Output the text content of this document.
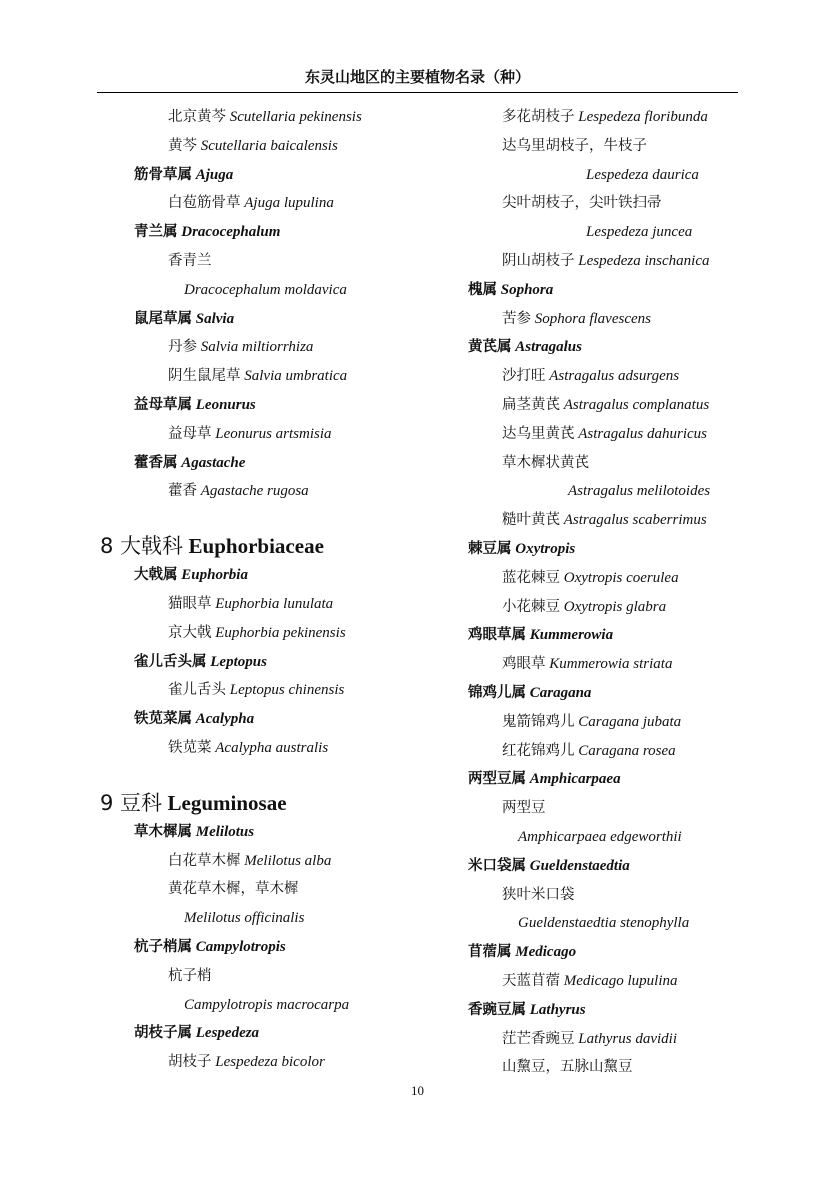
东灵山地区的主要植物名录（种）
北京黄芩 Scutellaria pekinensis
黄芩 Scutellaria baicalensis
筋骨草属 Ajuga
白苞筋骨草 Ajuga lupulina
青兰属 Dracocephalum
香青兰
Dracocephalum moldavica
鼠尾草属 Salvia
丹参 Salvia miltiorrhiza
阴生鼠尾草 Salvia umbratica
益母草属 Leonurus
益母草 Leonurus artsmisia
藿香属 Agastache
藿香 Agastache rugosa
8 大戟科 Euphorbiaceae
大戟属 Euphorbia
猫眼草 Euphorbia lunulata
京大戟 Euphorbia pekinensis
雀儿舌头属 Leptopus
雀儿舌头 Leptopus chinensis
铁苋菜属 Acalypha
铁苋菜 Acalypha australis
9 豆科 Leguminosae
草木樨属 Melilotus
白花草木樨 Melilotus alba
黄花草木樨，草木樨
Melilotus officinalis
杭子梢属 Campylotropis
杭子梢
Campylotropis macrocarpa
胡枝子属 Lespedeza
胡枝子 Lespedeza bicolor
多花胡枝子 Lespedeza floribunda
达乌里胡枝子，牛枝子
Lespedeza daurica
尖叶胡枝子，尖叶铁扫帚
Lespedeza juncea
阴山胡枝子 Lespedeza inschanica
槐属 Sophora
苦参 Sophora flavescens
黄芪属 Astragalus
沙打旺 Astragalus adsurgens
扁茎黄芪 Astragalus complanatus
达乌里黄芪 Astragalus dahuricus
草木樨状黄芪
Astragalus melilotoides
糙叶黄芪 Astragalus scaberrimus
棘豆属 Oxytropis
蓝花棘豆 Oxytropis coerulea
小花棘豆 Oxytropis glabra
鸡眼草属 Kummerowia
鸡眼草 Kummerowia striata
锦鸡儿属 Caragana
鬼箭锦鸡儿 Caragana jubata
红花锦鸡儿 Caragana rosea
两型豆属 Amphicarpaea
两型豆
Amphicarpaea edgeworthii
米口袋属 Gueldenstaedtia
狭叶米口袋
Gueldenstaedtia stenophylla
苜蓿属 Medicago
天蓝苜蓿 Medicago lupulina
香豌豆属 Lathyrus
茳芒香豌豆 Lathyrus davidii
山黧豆，五脉山黧豆
10
